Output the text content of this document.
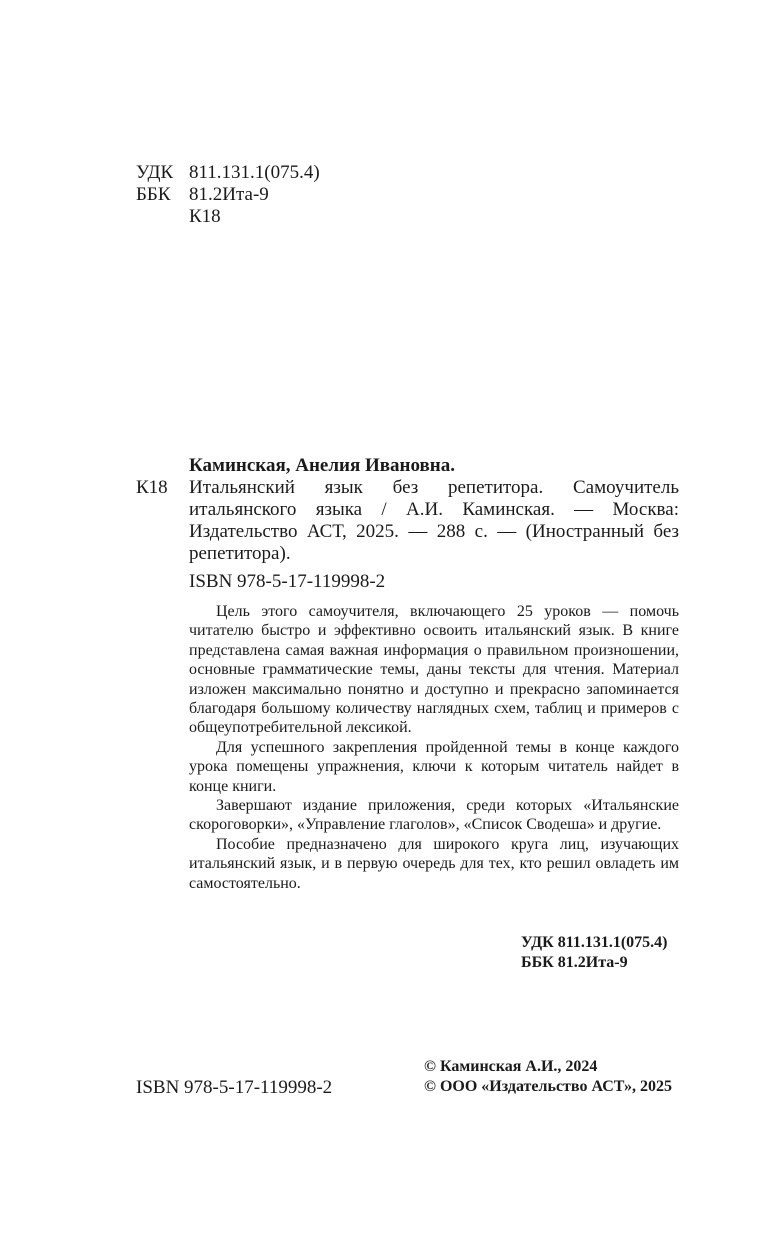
УДК 811.131.1(075.4)
ББК 81.2Ита-9
К18
Каминская, Анелия Ивановна.
К18 Итальянский язык без репетитора. Самоучитель итальянского языка / А.И. Каминская. — Москва: Издательство АСТ, 2025. — 288 с. — (Иностранный без репетитора).
ISBN 978-5-17-119998-2

Цель этого самоучителя, включающего 25 уроков — помочь читателю быстро и эффективно освоить итальянский язык. В книге представлена самая важная информация о правильном произношении, основные грамматические темы, даны тексты для чтения. Материал изложен максимально понятно и доступно и прекрасно запоминается благодаря большому количеству наглядных схем, таблиц и примеров с общеупотребительной лексикой.

Для успешного закрепления пройденной темы в конце каждого урока помещены упражнения, ключи к которым читатель найдет в конце книги.

Завершают издание приложения, среди которых «Итальянские скороговорки», «Управление глаголов», «Список Сводеша» и другие.

Пособие предназначено для широкого круга лиц, изучающих итальянский язык, и в первую очередь для тех, кто решил овладеть им самостоятельно.

УДК 811.131.1(075.4)
ББК 81.2Ита-9
ISBN 978-5-17-119998-2
© Каминская А.И., 2024
© ООО «Издательство АСТ», 2025
